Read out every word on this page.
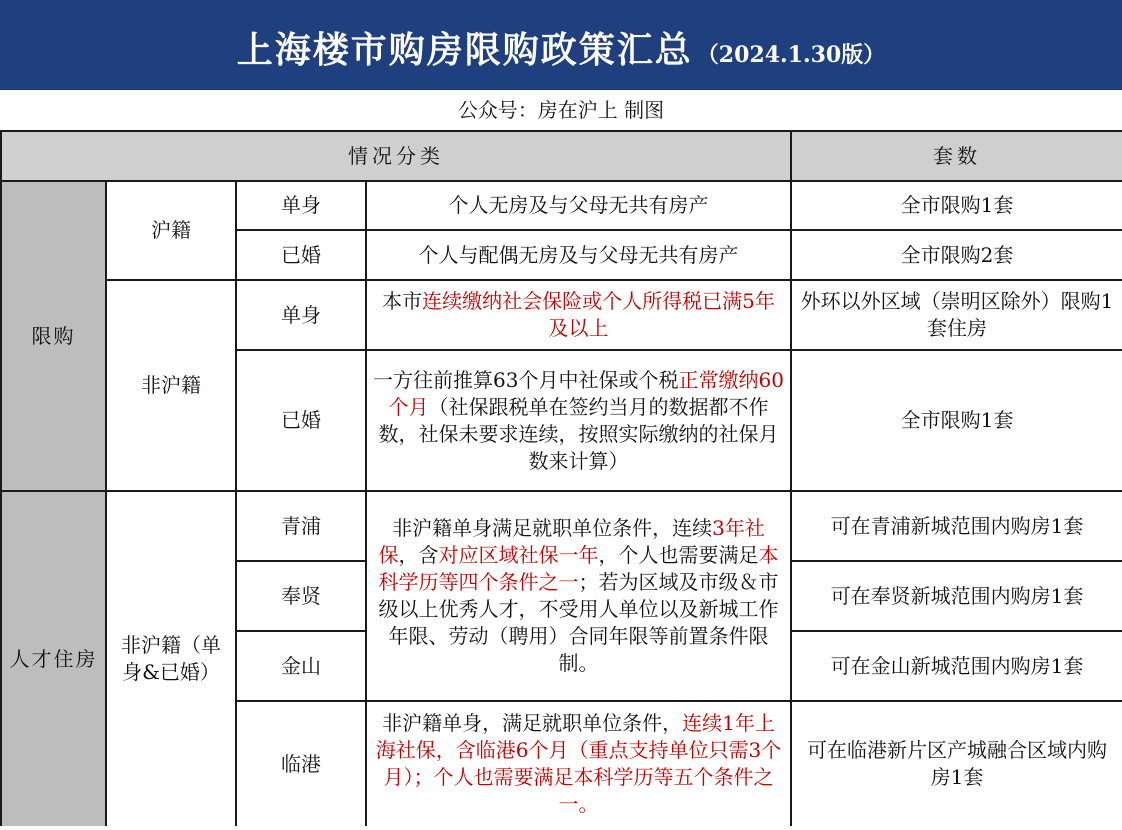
上海楼市购房限购政策汇总 （2024.1.30版）
公众号：房在沪上 制图
情况分类				套数
限购	沪籍	单身	个人无房及与父母无共有房产	全市限购1套
		已婚	个人与配偶无房及与父母无共有房产	全市限购2套
	非沪籍	单身	本市连续缴纳社会保险或个人所得税已满5年及以上	外环以外区域（崇明区除外）限购1套住房
		已婚	一方往前推算63个月中社保或个税正常缴纳60个月（社保跟税单在签约当月的数据都不作数，社保未要求连续，按照实际缴纳的社保月数来计算）	全市限购1套
人才住房	非沪籍（单身&已婚）	青浦	非沪籍单身满足就职单位条件，连续3年社保，含对应区域社保一年，个人也需要满足本科学历等四个条件之一；若为区域及市级＆市级以上优秀人才，不受用人单位以及新城工作年限、劳动（聘用）合同年限等前置条件限制。	可在青浦新城范围内购房1套
		奉贤		可在奉贤新城范围内购房1套
		金山		可在金山新城范围内购房1套
		临港	非沪籍单身，满足就职单位条件，连续1年上海社保，含临港6个月（重点支持单位只需3个月）；个人也需要满足本科学历等五个条件之一。	可在临港新片区产城融合区域内购房1套
